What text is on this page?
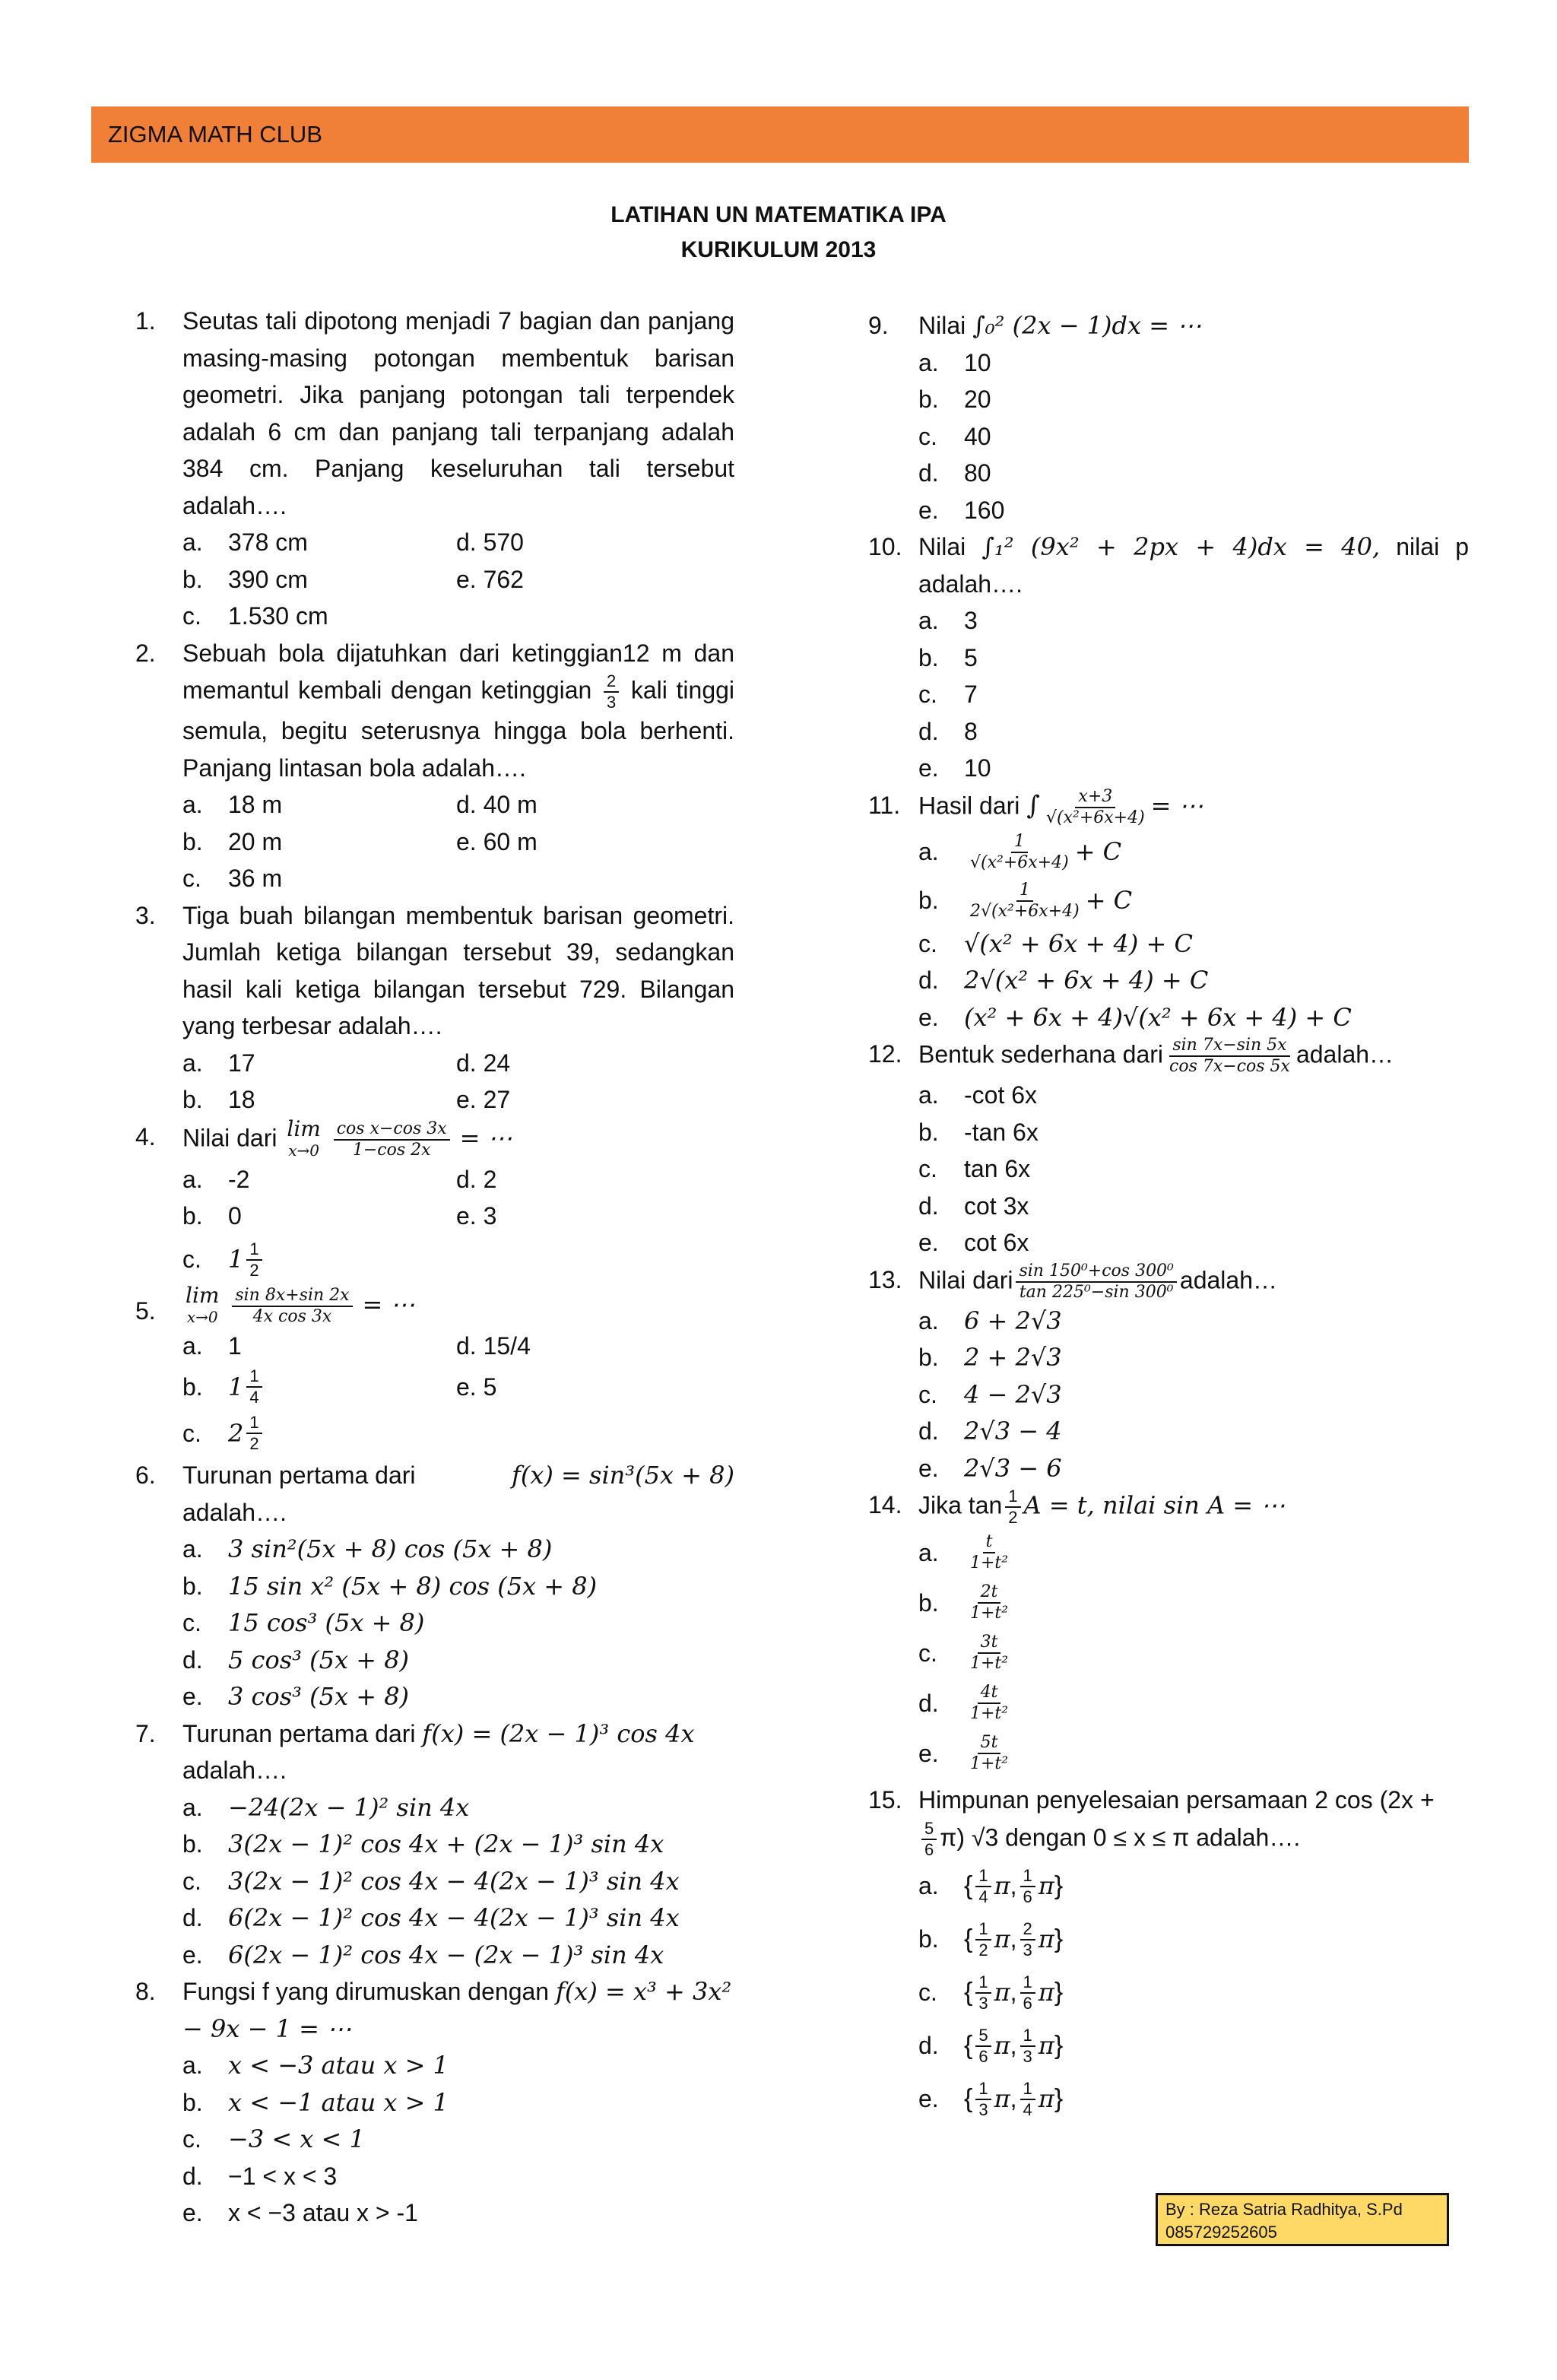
ZIGMA MATH CLUB
LATIHAN UN MATEMATIKA IPA
KURIKULUM 2013
1. Seutas tali dipotong menjadi 7 bagian dan panjang masing-masing potongan membentuk barisan geometri. Jika panjang potongan tali terpendek adalah 6 cm dan panjang tali terpanjang adalah 384 cm. Panjang keseluruhan tali tersebut adalah….
a.	378 cm	d. 570
b.	390 cm	e. 762
c.	1.530 cm
2. Sebuah bola dijatuhkan dari ketinggian12 m dan memantul kembali dengan ketinggian $\frac{2}{3}$ kali tinggi semula, begitu seterusnya hingga bola berhenti. Panjang lintasan bola adalah….
a.	18 m	d. 40 m
b.	20 m	e. 60 m
c.	36 m
3. Tiga buah bilangan membentuk barisan geometri. Jumlah ketiga bilangan tersebut 39, sedangkan hasil kali ketiga bilangan tersebut 729. Bilangan yang terbesar adalah….
a.	17	d. 24
b.	18	e. 27
4. Nilai dari lim
x→0
$\frac{\text{cos x−cos 3x}}{1-\cos 2x}$ = ⋯
a.	-2	d. 2
b.	0	e. 3
c.	$1 \frac{1}{2}$
5.
lim
x→0
$\frac{\sin 8x+\sin 2x}{\text{4x cos 3x}}$ = ⋯
a.	1	d. 15/4
b.	$1 \frac{1}{4}$	e. 5
c.	$2 \frac{1}{2}$
6. Turunan pertama dari	f(x) = sin³(5x + 8)
adalah….
a.	3 sin²(5x + 8) cos (5x + 8)
b.	15 sin x² (5x + 8) cos (5x + 8)
c.	15 cos³ (5x + 8)
d.	5 cos³ (5x + 8)
e.	3 cos³ (5x + 8)
7. Turunan pertama dari f(x) = (2x − 1)³ cos 4x
adalah….
a.	−24(2x − 1)² sin 4x
b.	3(2x − 1)² cos 4x + (2x − 1)³ sin 4x
c.	3(2x − 1)² cos 4x − 4(2x − 1)³ sin 4x
d.	6(2x − 1)² cos 4x − 4(2x − 1)³ sin 4x
e.	6(2x − 1)² cos 4x − (2x − 1)³ sin 4x
8. Fungsi f yang dirumuskan dengan f(x) = x³ + 3x² − 9x − 1 = ⋯
a.	x < −3 atau x > 1
b.	x < −1 atau x > 1
c.	−3 < x < 1
d.	−1 < x < 3
e.	x < −3 atau x > -1
9. Nilai ∫₀² (2x − 1)dx = ⋯
a.	10
b.	20
c.	40
d.	80
e.	160
10. Nilai ∫₁² (9x² + 2px + 4)dx = 40, nilai p adalah….
a.	3
b.	5
c.	7
d.	8
e.	10
11. Hasil dari ∫ $\frac{x+3}{\text{√(x²+6x+4)}}$ = ⋯
a.	$\frac{1}{\text{√(x²+6x+4)}} + C$
b.	$\frac{1}{\text{2√(x²+6x+4)}} + C$
c.	√(x² + 6x + 4) + C
d.	2√(x² + 6x + 4) + C
e.	(x² + 6x + 4)√(x² + 6x + 4) + C
12. Bentuk sederhana dari $\frac{\sin 7x-\sin 5x}{\cos 7x-\cos 5x}$ adalah…
a.	-cot 6x
b.	-tan 6x
c.	tan 6x
d.	cot 3x
e.	cot 6x
13. Nilai dari $\frac{\text{sin 150⁰+cos 300⁰}}{\text{tan 225⁰−sin 300⁰}}$ adalah…
a.	6 + 2√3
b.	2 + 2√3
c.	4 − 2√3
d.	2√3 − 4
e.	2√3 − 6
14. Jika $\tan \frac{1}{2}$ A = t, nilai sin A = ⋯
a.	$\frac{t}{\text{1+t²}}$
b.	$\frac{2t}{\text{1+t²}}$
c.	$\frac{3t}{\text{1+t²}}$
d.	$\frac{4t}{\text{1+t²}}$
e.	$\frac{5t}{\text{1+t²}}$
15. Himpunan penyelesaian persamaan 2 cos (2x +

$\frac{5}{6} \pi$) √3 dengan 0 ≤ x ≤ π adalah….
a. { $\frac{1}{4}$ π , $\frac{1}{6}$ π }
b. { $\frac{1}{2}$ π , $\frac{2}{3}$ π }
c.	{ $\frac{1}{3}$ π , $\frac{1}{6}$ π }
d. { $\frac{5}{6}$ π , $\frac{1}{3}$ π }
e. { $\frac{1}{3}$ π , $\frac{1}{4}$ π }
By : Reza Satria Radhitya, S.Pd
085729252605
